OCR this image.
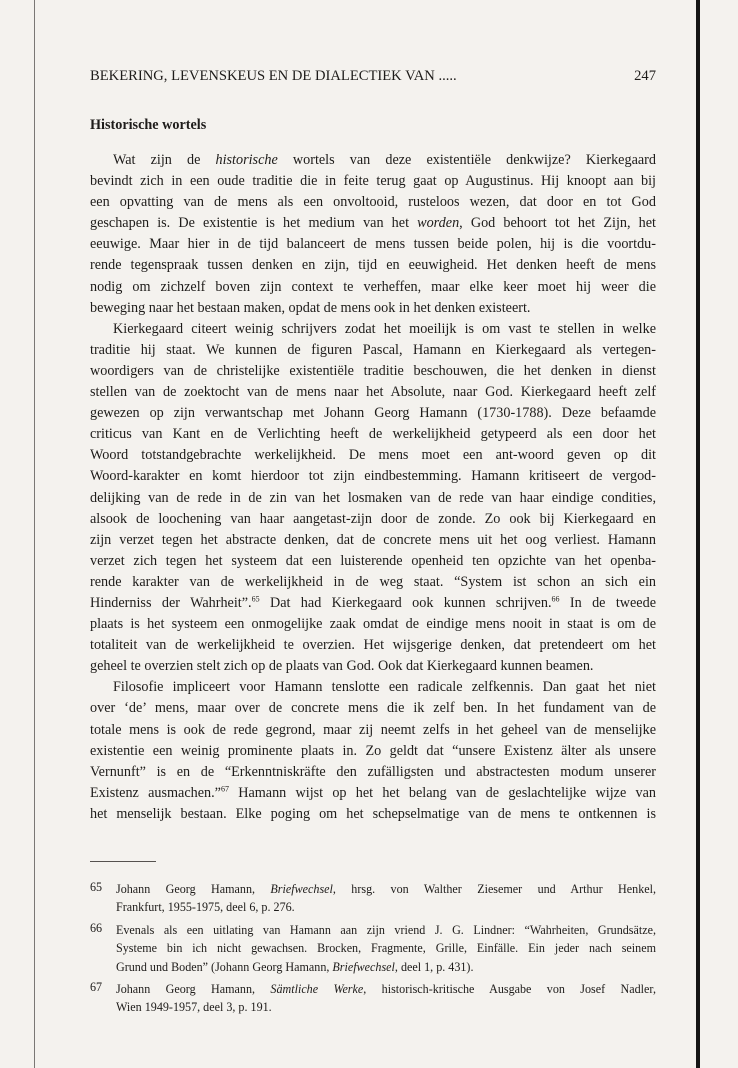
BEKERING, LEVENSKEUS EN DE DIALECTIEK VAN .....	247
Historische wortels

Wat zijn de historische wortels van deze existentiële denkwijze? Kierkegaard

bevindt zich in een oude traditie die in feite terug gaat op Augustinus. Hij knoopt aan bij

een opvatting van de mens als een onvoltooid, rusteloos wezen, dat door en tot God

geschapen is. De existentie is het medium van het worden, God behoort tot het Zijn, het

eeuwige. Maar hier in de tijd balanceert de mens tussen beide polen, hij is die voortdu-

rende tegenspraak tussen denken en zijn, tijd en eeuwigheid. Het denken heeft de mens

nodig om zichzelf boven zijn context te verheffen, maar elke keer moet hij weer die

beweging naar het bestaan maken, opdat de mens ook in het denken existeert.

Kierkegaard citeert weinig schrijvers zodat het moeilijk is om vast te stellen in welke

traditie hij staat. We kunnen de figuren Pascal, Hamann en Kierkegaard als vertegen-

woordigers van de christelijke existentiële traditie beschouwen, die het denken in dienst

stellen van de zoektocht van de mens naar het Absolute, naar God. Kierkegaard heeft zelf

gewezen op zijn verwantschap met Johann Georg Hamann (1730-1788). Deze befaamde

criticus van Kant en de Verlichting heeft de werkelijkheid getypeerd als een door het

Woord totstandgebrachte werkelijkheid. De mens moet een ant-woord geven op dit

Woord-karakter en komt hierdoor tot zijn eindbestemming. Hamann kritiseert de vergod-

delijking van de rede in de zin van het losmaken van de rede van haar eindige condities,

alsook de loochening van haar aangetast-zijn door de zonde. Zo ook bij Kierkegaard en

zijn verzet tegen het abstracte denken, dat de concrete mens uit het oog verliest. Hamann

verzet zich tegen het systeem dat een luisterende openheid ten opzichte van het openba-

rende karakter van de werkelijkheid in de weg staat. “System ist schon an sich ein

Hinderniss der Wahrheit”.$^{65}$ Dat had Kierkegaard ook kunnen schrijven.$^{66}$ In de tweede

plaats is het systeem een onmogelijke zaak omdat de eindige mens nooit in staat is om de

totaliteit van de werkelijkheid te overzien. Het wijsgerige denken, dat pretendeert om het

geheel te overzien stelt zich op de plaats van God. Ook dat Kierkegaard kunnen beamen.

Filosofie impliceert voor Hamann tenslotte een radicale zelfkennis. Dan gaat het niet

over ‘de’ mens, maar over de concrete mens die ik zelf ben. In het fundament van de

totale mens is ook de rede gegrond, maar zij neemt zelfs in het geheel van de menselijke

existentie een weinig prominente plaats in. Zo geldt dat “unsere Existenz älter als unsere

Vernunft” is en de “Erkenntniskräfte den zufälligsten und abstractesten modum unserer

Existenz ausmachen.”$^{67}$ Hamann wijst op het het belang van de geslachtelijke wijze van

het menselijk bestaan. Elke poging om het schepselmatige van de mens te ontkennen is

65 Johann Georg Hamann, Briefwechsel, hrsg. von Walther Ziesemer und Arthur Henkel,
Frankfurt, 1955-1975, deel 6, p. 276.
66 Evenals als een uitlating van Hamann aan zijn vriend J. G. Lindner: “Wahrheiten, Grundsätze,
Systeme bin ich nicht gewachsen. Brocken, Fragmente, Grille, Einfälle. Ein jeder nach seinem
Grund und Boden” (Johann Georg Hamann, Briefwechsel, deel 1, p. 431).
67 Johann Georg Hamann, Sämtliche Werke, historisch-kritische Ausgabe von Josef Nadler,
Wien 1949-1957, deel 3, p. 191.
